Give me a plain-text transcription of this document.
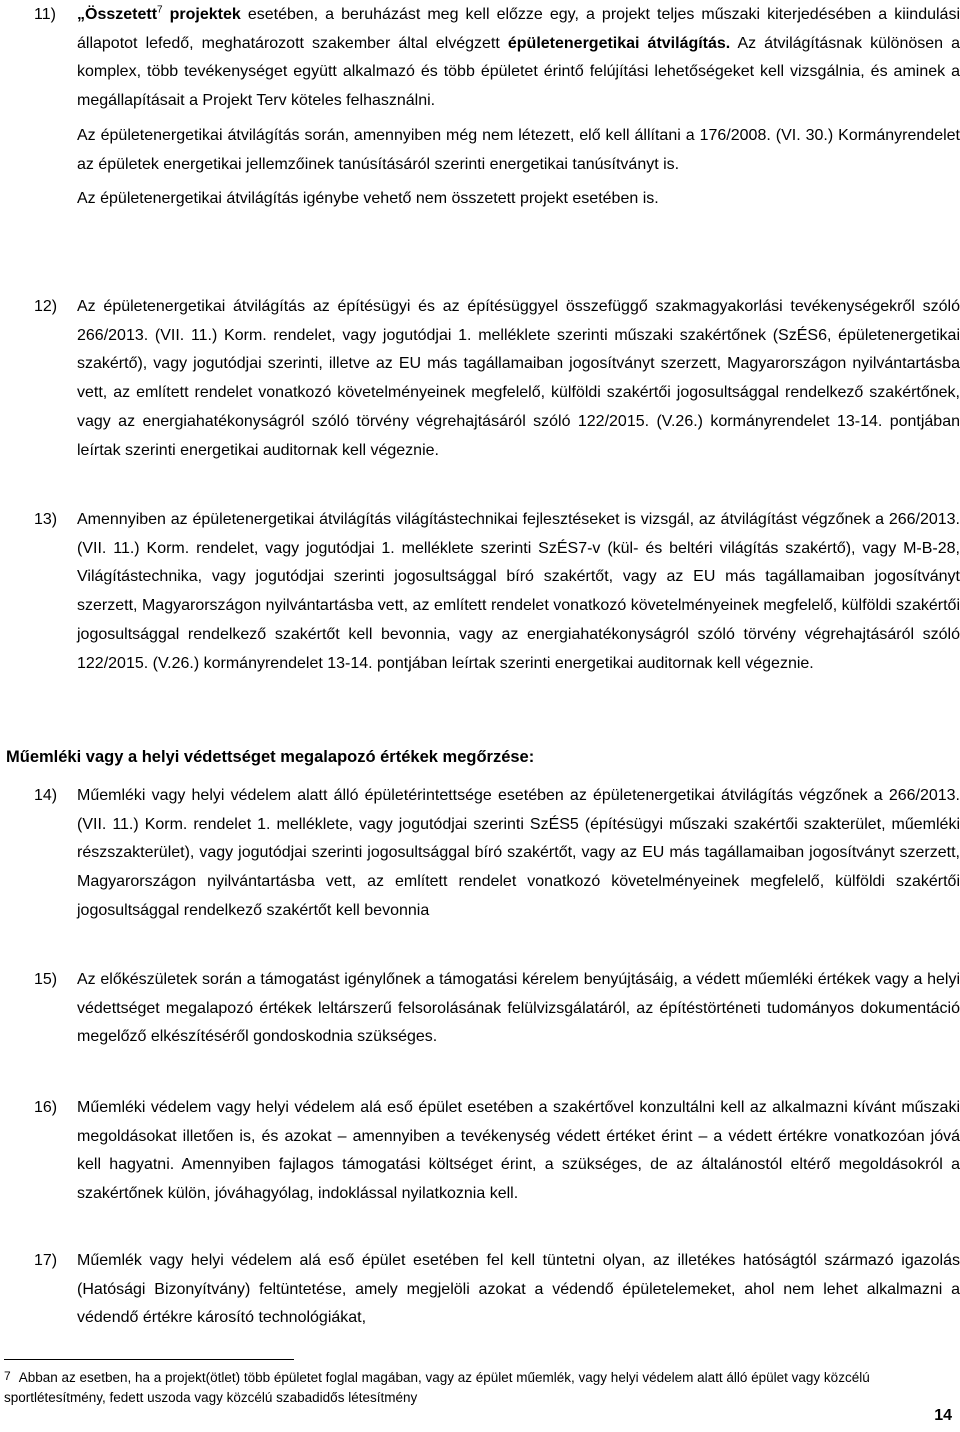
11) „Összetett$^7$ projektek esetében, a beruházást meg kell előzze egy, a projekt teljes műszaki kiterjedésében a kiindulási állapotot lefedő, meghatározott szakember által elvégzett épületenergetikai átvilágítás. Az átvilágításnak különösen a komplex, több tevékenységet együtt alkalmazó és több épületet érintő felújítási lehetőségeket kell vizsgálnia, és aminek a megállapításait a Projekt Terv köteles felhasználni.

Az épületenergetikai átvilágítás során, amennyiben még nem létezett, elő kell állítani a 176/2008. (VI. 30.) Kormányrendelet az épületek energetikai jellemzőinek tanúsításáról szerinti energetikai tanúsítványt is.

Az épületenergetikai átvilágítás igénybe vehető nem összetett projekt esetében is.

12) Az épületenergetikai átvilágítás az építésügyi és az építésüggyel összefüggő szakmagyakorlási tevékenységekről szóló 266/2013. (VII. 11.) Korm. rendelet, vagy jogutódjai 1. melléklete szerinti műszaki szakértőnek (SzÉS6, épületenergetikai szakértő), vagy jogutódjai szerinti, illetve az EU más tagállamaiban jogosítványt szerzett, Magyarországon nyilvántartásba vett, az említett rendelet vonatkozó követelményeinek megfelelő, külföldi szakértői jogosultsággal rendelkező szakértőnek, vagy az energiahatékonyságról szóló törvény végrehajtásáról szóló 122/2015. (V.26.) kormányrendelet 13-14. pontjában leírtak szerinti energetikai auditornak kell végeznie.

13) Amennyiben az épületenergetikai átvilágítás világítástechnikai fejlesztéseket is vizsgál, az átvilágítást végzőnek a 266/2013. (VII. 11.) Korm. rendelet, vagy jogutódjai 1. melléklete szerinti SzÉS7-v (kül- és beltéri világítás szakértő), vagy M-B-28, Világítástechnika, vagy jogutódjai szerinti jogosultsággal bíró szakértőt, vagy az EU más tagállamaiban jogosítványt szerzett, Magyarországon nyilvántartásba vett, az említett rendelet vonatkozó követelményeinek megfelelő, külföldi szakértői jogosultsággal rendelkező szakértőt kell bevonnia, vagy az energiahatékonyságról szóló törvény végrehajtásáról szóló 122/2015. (V.26.) kormányrendelet 13-14. pontjában leírtak szerinti energetikai auditornak kell végeznie.

Műemléki vagy a helyi védettséget megalapozó értékek megőrzése:
14) Műemléki vagy helyi védelem alatt álló épületérintettsége esetében az épületenergetikai átvilágítás végzőnek a 266/2013. (VII. 11.) Korm. rendelet 1. melléklete, vagy jogutódjai szerinti SzÉS5 (építésügyi műszaki szakértői szakterület, műemléki részszakterület), vagy jogutódjai szerinti jogosultsággal bíró szakértőt, vagy az EU más tagállamaiban jogosítványt szerzett, Magyarországon nyilvántartásba vett, az említett rendelet vonatkozó követelményeinek megfelelő, külföldi szakértői jogosultsággal rendelkező szakértőt kell bevonnia

15) Az előkészületek során a támogatást igénylőnek a támogatási kérelem benyújtásáig, a védett műemléki értékek vagy a helyi védettséget megalapozó értékek leltárszerű felsorolásának felülvizsgálatáról, az építéstörténeti tudományos dokumentáció megelőző elkészítéséről gondoskodnia szükséges.

16) Műemléki védelem vagy helyi védelem alá eső épület esetében a szakértővel konzultálni kell az alkalmazni kívánt műszaki megoldásokat illetően is, és azokat – amennyiben a tevékenység védett értéket érint – a védett értékre vonatkozóan jóvá kell hagyatni. Amennyiben fajlagos támogatási költséget érint, a szükséges, de az általánostól eltérő megoldásokról a szakértőnek külön, jóváhagyólag, indoklással nyilatkoznia kell.

17) Műemlék vagy helyi védelem alá eső épület esetében fel kell tüntetni olyan, az illetékes hatóságtól származó igazolás (Hatósági Bizonyítvány) feltüntetése, amely megjelöli azokat a védendő épületelemeket, ahol nem lehet alkalmazni a védendő értékre károsító technológiákat,

$^7$ Abban az esetben, ha a projekt(ötlet) több épületet foglal magában, vagy az épület műemlék, vagy helyi védelem alatt álló épület vagy közcélú sportlétesítmény, fedett uszoda vagy közcélú szabadidős létesítmény
14
